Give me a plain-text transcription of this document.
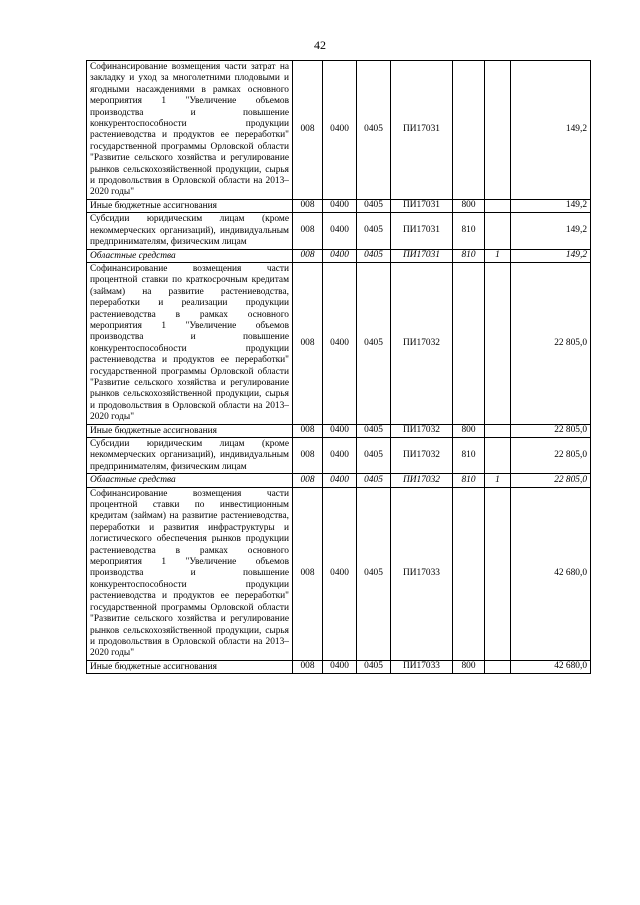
42
Софинансирование возмещения части затрат на закладку и уход за многолетними плодовыми и ягодными насаждениями в рамках основного мероприятия 1 "Увеличение объемов производства и повышение конкурентоспособности продукции растениеводства и продуктов ее переработки" государственной программы Орловской области "Развитие сельского хозяйства и регулирование рынков сельскохозяйственной продукции, сырья и продовольствия в Орловской области на 2013–2020 годы"	008	0400	0405	ПИ17031			149,2
Иные бюджетные ассигнования	008	0400	0405	ПИ17031	800		149,2
Субсидии юридическим лицам (кроме некоммерческих организаций), индивидуальным предпринимателям, физическим лицам	008	0400	0405	ПИ17031	810		149,2
Областные средства	008	0400	0405	ПИ17031	810	1	149,2
Софинансирование возмещения части процентной ставки по краткосрочным кредитам (займам) на развитие растениеводства, переработки и реализации продукции растениеводства в рамках основного мероприятия 1 "Увеличение объемов производства и повышение конкурентоспособности продукции растениеводства и продуктов ее переработки" государственной программы Орловской области "Развитие сельского хозяйства и регулирование рынков сельскохозяйственной продукции, сырья и продовольствия в Орловской области на 2013–2020 годы"	008	0400	0405	ПИ17032			22 805,0
Иные бюджетные ассигнования	008	0400	0405	ПИ17032	800		22 805,0
Субсидии юридическим лицам (кроме некоммерческих организаций), индивидуальным предпринимателям, физическим лицам	008	0400	0405	ПИ17032	810		22 805,0
Областные средства	008	0400	0405	ПИ17032	810	1	22 805,0
Софинансирование возмещения части процентной ставки по инвестиционным кредитам (займам) на развитие растениеводства, переработки и развития инфраструктуры и логистического обеспечения рынков продукции растениеводства в рамках основного мероприятия 1 "Увеличение объемов производства и повышение конкурентоспособности продукции растениеводства и продуктов ее переработки" государственной программы Орловской области "Развитие сельского хозяйства и регулирование рынков сельскохозяйственной продукции, сырья и продовольствия в Орловской области на 2013–2020 годы"	008	0400	0405	ПИ17033			42 680,0
Иные бюджетные ассигнования	008	0400	0405	ПИ17033	800		42 680,0
